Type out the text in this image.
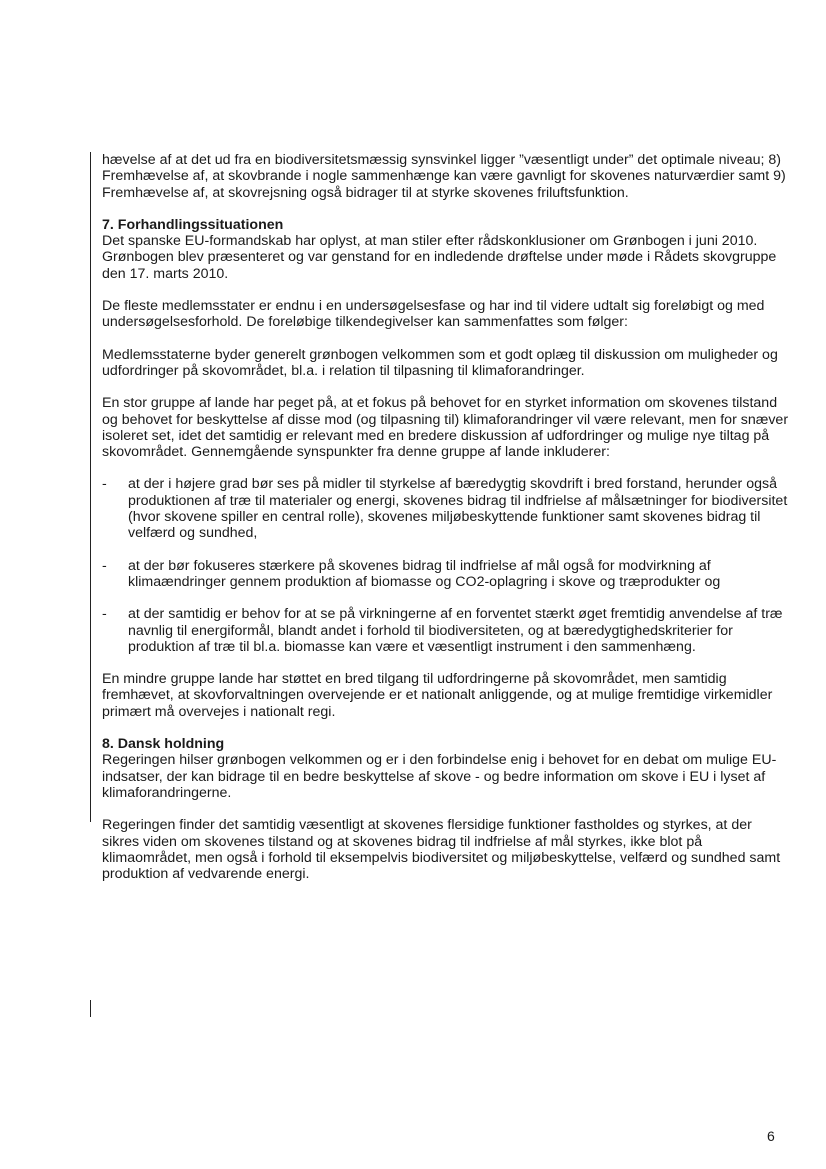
hævelse af at det ud fra en biodiversitetsmæssig synsvinkel ligger ”væsentligt under” det optimale niveau; 8) Fremhævelse af, at skovbrande i nogle sammenhænge kan være gavnligt for skovenes naturværdier samt 9) Fremhævelse af, at skovrejsning også bidrager til at styrke skovenes friluftsfunktion.

7. Forhandlingssituationen
Det spanske EU-formandskab har oplyst, at man stiler efter rådskonklusioner om Grønbogen i juni 2010. Grønbogen blev præsenteret og var genstand for en indledende drøftelse under møde i Rådets skovgruppe den 17. marts 2010.

De fleste medlemsstater er endnu i en undersøgelsesfase og har ind til videre udtalt sig foreløbigt og med undersøgelsesforhold. De foreløbige tilkendegivelser kan sammenfattes som følger:

Medlemsstaterne byder generelt grønbogen velkommen som et godt oplæg til diskussion om muligheder og udfordringer på skovområdet, bl.a. i relation til tilpasning til klimaforandringer.

En stor gruppe af lande har peget på, at et fokus på behovet for en styrket information om skovenes tilstand og behovet for beskyttelse af disse mod (og tilpasning til) klimaforandringer vil være relevant, men for snæver isoleret set, idet det samtidig er relevant med en bredere diskussion af udfordringer og mulige nye tiltag på skovområdet. Gennemgående synspunkter fra denne gruppe af lande inkluderer:

- at der i højere grad bør ses på midler til styrkelse af bæredygtig skovdrift i bred forstand, herunder også produktionen af træ til materialer og energi, skovenes bidrag til indfrielse af målsætninger for biodiversitet (hvor skovene spiller en central rolle), skovenes miljøbeskyttende funktioner samt skovenes bidrag til velfærd og sundhed,
- at der bør fokuseres stærkere på skovenes bidrag til indfrielse af mål også for modvirkning af klimaændringer gennem produktion af biomasse og CO2-oplagring i skove og træprodukter og
- at der samtidig er behov for at se på virkningerne af en forventet stærkt øget fremtidig anvendelse af træ navnlig til energiformål, blandt andet i forhold til biodiversiteten, og at bæredygtighedskriterier for produktion af træ til bl.a. biomasse kan være et væsentligt instrument i den sammenhæng.

En mindre gruppe lande har støttet en bred tilgang til udfordringerne på skovområdet, men samtidig fremhævet, at skovforvaltningen overvejende er et nationalt anliggende, og at mulige fremtidige virkemidler primært må overvejes i nationalt regi.

8. Dansk holdning
Regeringen hilser grønbogen velkommen og er i den forbindelse enig i behovet for en debat om mulige EU-indsatser, der kan bidrage til en bedre beskyttelse af skove - og bedre information om skove i EU i lyset af klimaforandringerne.

Regeringen finder det samtidig væsentligt at skovenes flersidige funktioner fastholdes og styrkes, at der sikres viden om skovenes tilstand og at skovenes bidrag til indfrielse af mål styrkes, ikke blot på klimaområdet, men også i forhold til eksempelvis biodiversitet og miljøbeskyttelse, velfærd og sundhed samt produktion af vedvarende energi.

6
